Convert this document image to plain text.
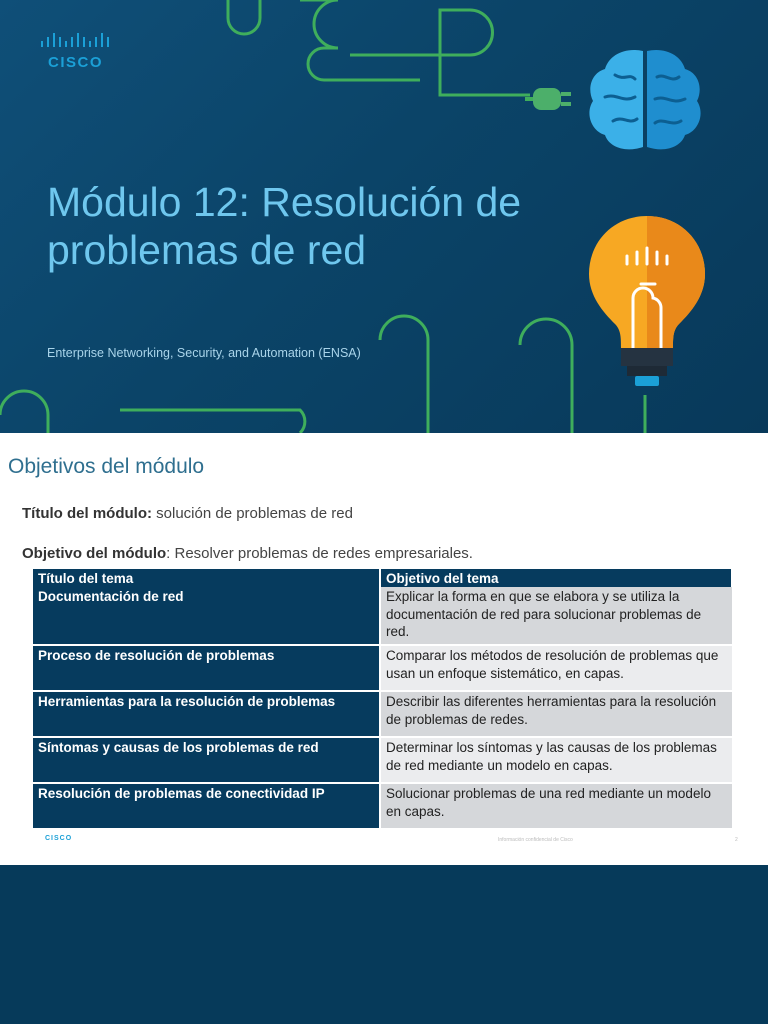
CISCO
Módulo 12: Resolución de problemas de red
Enterprise Networking, Security, and Automation (ENSA)
Objetivos del módulo
Título del módulo: solución de problemas de red
Objetivo del módulo: Resolver problemas de redes empresariales.
Título del tema	Objetivo del tema
Documentación de red	Explicar la forma en que se elabora y se utiliza la documentación de red para solucionar problemas de red.
Proceso de resolución de problemas	Comparar los métodos de resolución de problemas que usan un enfoque sistemático, en capas.
Herramientas para la resolución de problemas	Describir las diferentes herramientas para la resolución de problemas de redes.
Síntomas y causas de los problemas de red	Determinar los síntomas y las causas de los problemas de red mediante un modelo en capas.
Resolución de problemas de conectividad IP	Solucionar problemas de una red mediante un modelo en capas.
CISCO	Información confidencial de Cisco	2
